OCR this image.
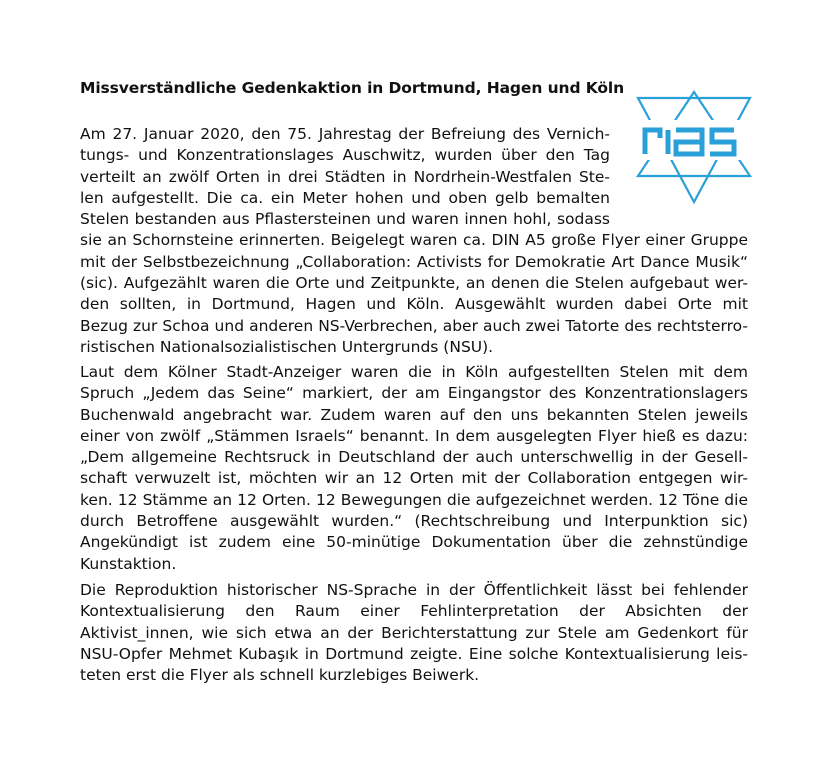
Missverständliche Gedenkaktion in Dortmund, Hagen und Köln

Am 27. Januar 2020, den 75. Jahrestag der Befreiung des Vernich-
tungs- und Konzentrationslages Auschwitz, wurden über den Tag
verteilt an zwölf Orten in drei Städten in Nordrhein-Westfalen Ste-
len aufgestellt. Die ca. ein Meter hohen und oben gelb bemalten
Stelen bestanden aus Pflastersteinen und waren innen hohl, sodass
sie an Schornsteine erinnerten. Beigelegt waren ca. DIN A5 große Flyer einer Gruppe
mit der Selbstbezeichnung „Collaboration: Activists for Demokratie Art Dance Musik“
(sic). Aufgezählt waren die Orte und Zeitpunkte, an denen die Stelen aufgebaut wer-
den sollten, in Dortmund, Hagen und Köln. Ausgewählt wurden dabei Orte mit
Bezug zur Schoa und anderen NS-Verbrechen, aber auch zwei Tatorte des rechtsterro-
ristischen Nationalsozialistischen Untergrunds (NSU).

Laut dem Kölner Stadt-Anzeiger waren die in Köln aufgestellten Stelen mit dem
Spruch „Jedem das Seine“ markiert, der am Eingangstor des Konzentrationslagers
Buchenwald angebracht war. Zudem waren auf den uns bekannten Stelen jeweils
einer von zwölf „Stämmen Israels“ benannt. In dem ausgelegten Flyer hieß es dazu:
„Dem allgemeine Rechtsruck in Deutschland der auch unterschwellig in der Gesell-
schaft verwuzelt ist, möchten wir an 12 Orten mit der Collaboration entgegen wir-
ken. 12 Stämme an 12 Orten. 12 Bewegungen die aufgezeichnet werden. 12 Töne die
durch Betroffene ausgewählt wurden.“ (Rechtschreibung und Interpunktion sic)
Angekündigt ist zudem eine 50-minütige Dokumentation über die zehnstündige
Kunstaktion.

Die Reproduktion historischer NS-Sprache in der Öffentlichkeit lässt bei fehlender
Kontextualisierung den Raum einer Fehlinterpretation der Absichten der
Aktivist_innen, wie sich etwa an der Berichterstattung zur Stele am Gedenkort für
NSU-Opfer Mehmet Kubaşık in Dortmund zeigte. Eine solche Kontextualisierung leis-
teten erst die Flyer als schnell kurzlebiges Beiwerk.
